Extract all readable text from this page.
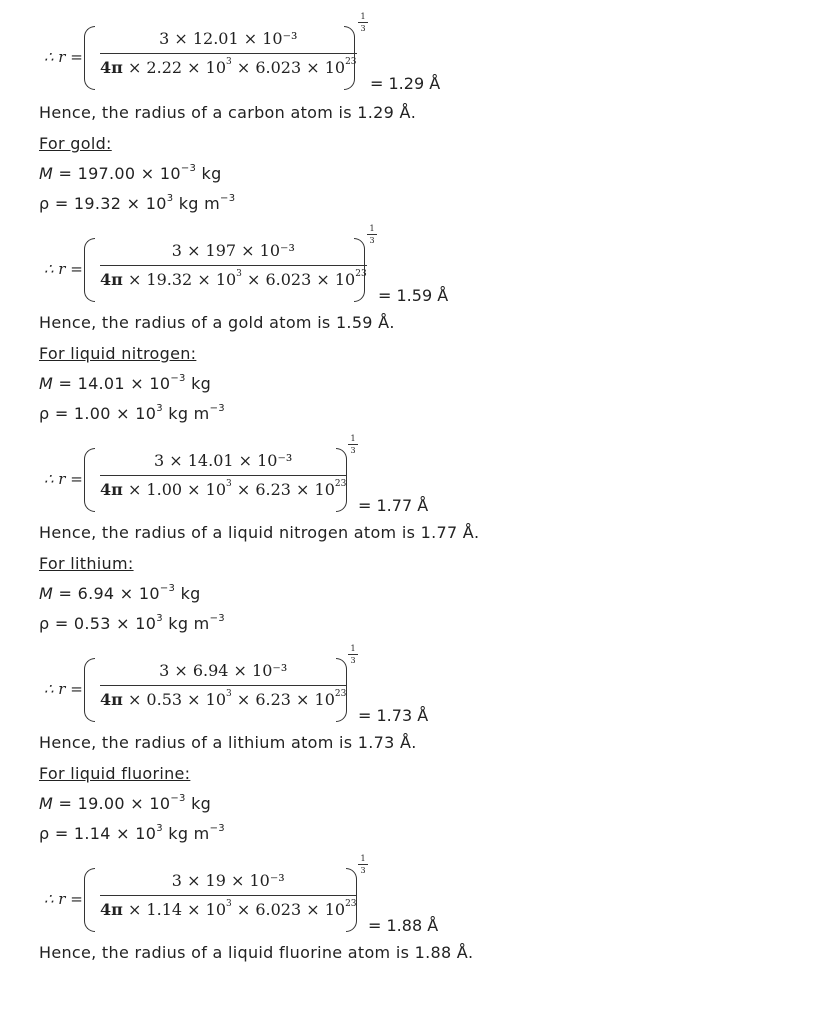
∴ r =
3 × 12.01 × 10⁻³
$4\pi \times 2.22 \times 10^3 \times 6.023 \times 10^{23}$
1
3
= 1.29 Å
Hence, the radius of a carbon atom is 1.29 Å.
For gold:
$M = 197.00 \times 10^{-3}$ kg
$\rho = 19.32 \times 10^3$ kg $m^{-3}$
∴ r =
3 × 197 × 10⁻³
$4\pi \times 19.32 \times 10^3 \times 6.023 \times 10^{23}$
1
3
= 1.59 Å
Hence, the radius of a gold atom is 1.59 Å.
For liquid nitrogen:
$M = 14.01 \times 10^{-3}$ kg
$\rho = 1.00 \times 10^3$ kg $m^{-3}$
∴ r =
3 × 14.01 × 10⁻³
$4\pi \times 1.00 \times 10^3 \times 6.23 \times 10^{23}$
1
3
= 1.77 Å
Hence, the radius of a liquid nitrogen atom is 1.77 Å.
For lithium:
$M = 6.94 \times 10^{-3}$ kg
$\rho = 0.53 \times 10^3$ kg $m^{-3}$
∴ r =
3 × 6.94 × 10⁻³
$4\pi \times 0.53 \times 10^3 \times 6.23 \times 10^{23}$
1
3
= 1.73 Å
Hence, the radius of a lithium atom is 1.73 Å.
For liquid fluorine:
$M = 19.00 \times 10^{-3}$ kg
$\rho = 1.14 \times 10^3$ kg $m^{-3}$
∴ r =
3 × 19 × 10⁻³
$4\pi \times 1.14 \times 10^3 \times 6.023 \times 10^{23}$
1
3
= 1.88 Å
Hence, the radius of a liquid fluorine atom is 1.88 Å.
